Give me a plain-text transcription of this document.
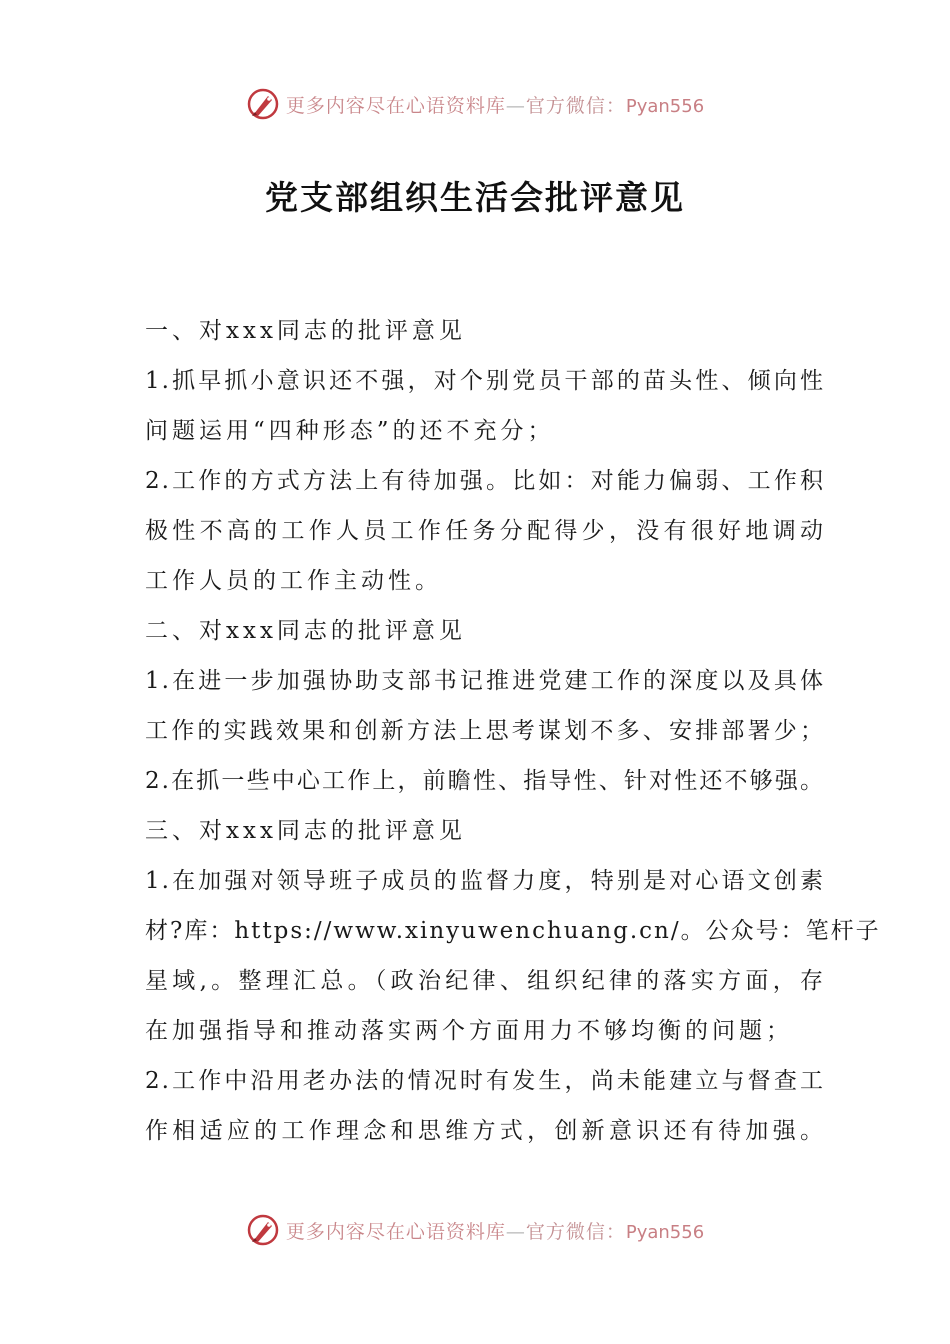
更多内容尽在心语资料库—官方微信：Pyan556
党支部组织生活会批评意见
一、对xxx同志的批评意见
1.抓早抓小意识还不强，对个别党员干部的苗头性、倾向性
问题运用“四种形态”的还不充分；
2.工作的方式方法上有待加强。比如：对能力偏弱、工作积
极性不高的工作人员工作任务分配得少，没有很好地调动
工作人员的工作主动性。
二、对xxx同志的批评意见
1.在进一步加强协助支部书记推进党建工作的深度以及具体
工作的实践效果和创新方法上思考谋划不多、安排部署少；
2.在抓一些中心工作上，前瞻性、指导性、针对性还不够强。
三、对xxx同志的批评意见
1.在加强对领导班子成员的监督力度，特别是对心语文创素
材?库：https://www.xinyuwenchuang.cn/。公众号：笔杆子
星域,。整理汇总。（政治纪律、组织纪律的落实方面，存
在加强指导和推动落实两个方面用力不够均衡的问题；
2.工作中沿用老办法的情况时有发生，尚未能建立与督查工
作相适应的工作理念和思维方式，创新意识还有待加强。
更多内容尽在心语资料库—官方微信：Pyan556
